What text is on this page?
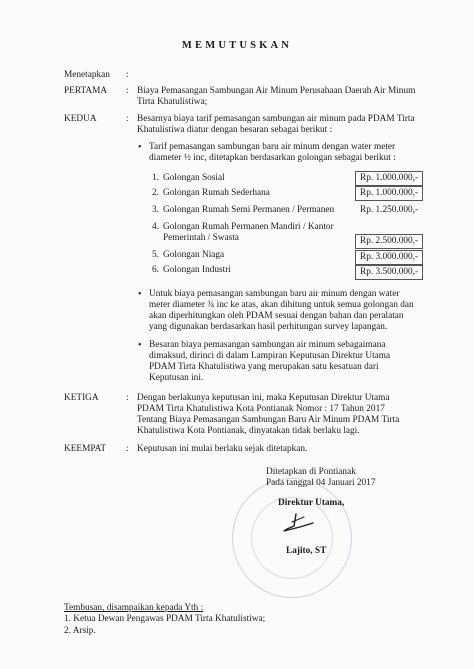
MEMUTUSKAN
Menetapkan :
PERTAMA : Biaya Pemasangan Sambungan Air Minum Perusahaan Daerah Air Minum
Tirta Khatulistiwa;
KEDUA	: Besarnya biaya tarif pemasangan sambungan air minum pada PDAM Tirta
Khatulistiwa diatur dengan besaran sebagai berikut :
• Tarif pemasangan sambungan baru air minum dengan water meter
diameter ½ inc, ditetapkan berdasarkan golongan sebagai berikut :
1. Golongan Sosial	Rp. 1.000.000,-
2. Golongan Rumah Sederhana	Rp. 1.000.000,-
3. Golongan Rumah Semi Permanen / Permanen	Rp. 1.250.000,-
4. Golongan Rumah Permanen Mandiri / Kantor
Pemerintah / Swasta	Rp. 2.500.000,-
5. Golongan Niaga	Rp. 3.000.000,-
6. Golongan Industri	Rp. 3.500.000,-
• Untuk biaya pemasangan sambungan baru air minum dengan water
meter diameter ¾ inc ke atas, akan dihitung untuk semua golongan dan
akan diperhitungkan oleh PDAM sesuai dengan bahan dan peralatan
yang digunakan berdasarkan hasil perhitungan survey lapangan.
• Besaran biaya pemasangan sambungan air minum sebagaimana
dimaksud, dirinci di dalam Lampiran Keputusan Direktur Utama
PDAM Tirta Khatulistiwa yang merupakan satu kesatuan dari
Keputusan ini.
KETIGA	: Dengan berlakunya keputusan ini, maka Keputusan Direktur Utama
PDAM Tirta Khatulistiwa Kota Pontianak Nomor : 17 Tahun 2017
Tentang Biaya Pemasangan Sambungan Baru Air Minum PDAM Tirta
Khatulistiwa Kota Pontianak, dinyatakan tidak berlaku lagi.
KEEMPAT : Keputusan ini mulai berlaku sejak ditetapkan.
Ditetapkan di Pontianak
Pada tanggal 04 Januari 2017
Direktur Utama,
Lajito, ST
Tembusan, disampaikan kepada Yth :
1. Ketua Dewan Pengawas PDAM Tirta Khatulistiwa;
2. Arsip.
